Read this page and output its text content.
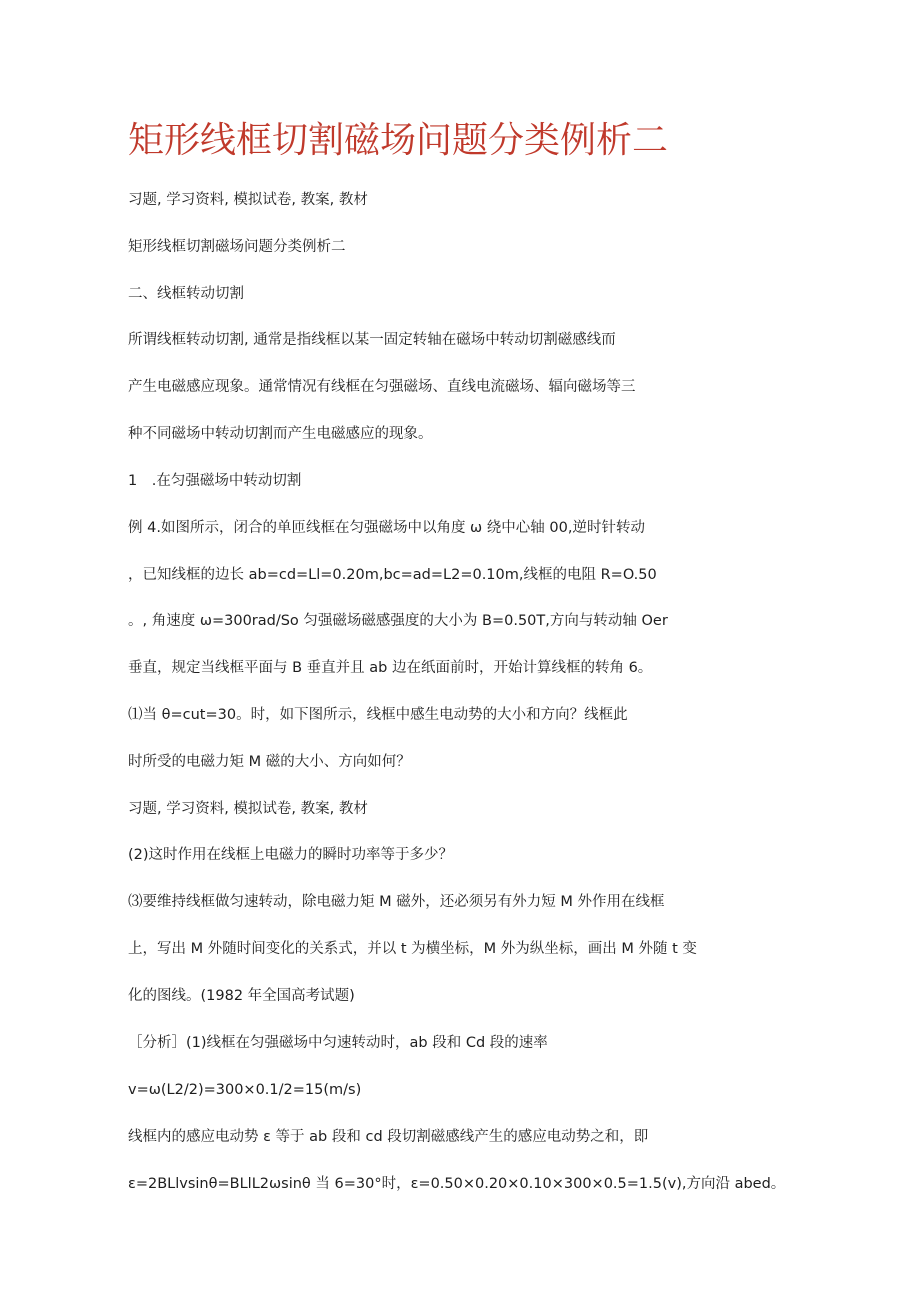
矩形线框切割磁场问题分类例析二

习题, 学习资料, 模拟试卷, 教案, 教材

矩形线框切割磁场问题分类例析二

二、线框转动切割

所谓线框转动切割, 通常是指线框以某一固定转轴在磁场中转动切割磁感线而

产生电磁感应现象。通常情况有线框在匀强磁场、直线电流磁场、辐向磁场等三

种不同磁场中转动切割而产生电磁感应的现象。

1　.在匀强磁场中转动切割

例 4.如图所示，闭合的单匝线框在匀强磁场中以角度 ω 绕中心轴 00,逆时针转动

，已知线框的边长 ab=cd=Ll=0.20m,bc=ad=L2=0.10m,线框的电阻 R=O.50

。, 角速度 ω=300rad∕So 匀强磁场磁感强度的大小为 B=0.50T,方向与转动轴 Oer

垂直，规定当线框平面与 B 垂直并且 ab 边在纸面前时，开始计算线框的转角 6。

⑴当 θ=cut=30。时，如下图所示，线框中感生电动势的大小和方向？线框此

时所受的电磁力矩 M 磁的大小、方向如何？

习题, 学习资料, 模拟试卷, 教案, 教材

(2)这时作用在线框上电磁力的瞬时功率等于多少？

⑶要维持线框做匀速转动，除电磁力矩 M 磁外，还必须另有外力短 M 外作用在线框

上，写出 M 外随时间变化的关系式，并以 t 为横坐标，M 外为纵坐标，画出 M 外随 t 变

化的图线。(1982 年全国高考试题)

［分析］(1)线框在匀强磁场中匀速转动时，ab 段和 Cd 段的速率

v=ω(L2∕2)=300×0.1∕2=15(m∕s)

线框内的感应电动势 ε 等于 ab 段和 cd 段切割磁感线产生的感应电动势之和，即

ε=2BLlvsinθ=BLlL2ωsinθ 当 6=30°时，ε=0.50×0.20×0.10×300×0.5=1.5(v),方向沿 abed。
